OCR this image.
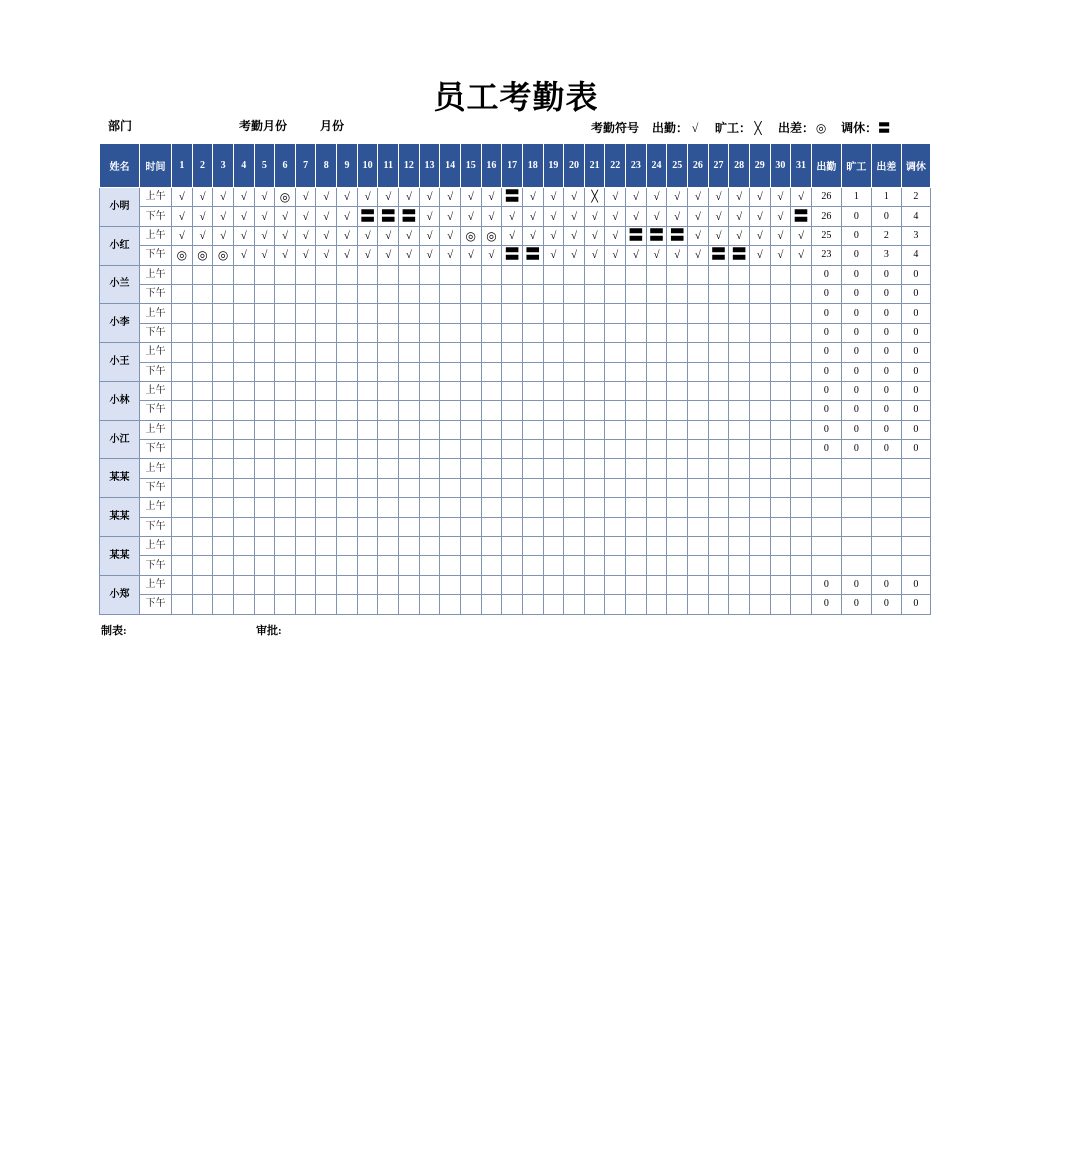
员工考勤表
部门	考勤月份	月份	考勤符号 出勤： √ 旷工： ╳ 出差： ◎ 调休：〓
姓名	时间	1	2	3	4	5	6	7	8	9	10	11	12	13	14	15	16	17	18	19	20	21	22	23	24	25	26	27	28	29	30	31	出勤	旷工	出差	调休
小明	上午	√	√	√	√	√	◎	√	√	√	√	√	√	√	√	√	√	〓	√	√	√	╳	√	√	√	√	√	√	√	√	√	√	26	1	1	2
	下午	√	√	√	√	√	√	√	√	√	〓	〓	〓	√	√	√	√	√	√	√	√	√	√	√	√	√	√	√	√	√	√	〓	26	0	0	4
小红	上午	√	√	√	√	√	√	√	√	√	√	√	√	√	√	◎	◎	√	√	√	√	√	√	〓	〓	〓	√	√	√	√	√	√	25	0	2	3
	下午	◎	◎	◎	√	√	√	√	√	√	√	√	√	√	√	√	√	〓	〓	√	√	√	√	√	√	√	√	〓	〓	√	√	√	23	0	3	4
小兰	上午																																0	0	0	0
	下午																																0	0	0	0
小李	上午																																0	0	0	0
	下午																																0	0	0	0
小王	上午																																0	0	0	0
	下午																																0	0	0	0
小林	上午																																0	0	0	0
	下午																																0	0	0	0
小江	上午																																0	0	0	0
	下午																																0	0	0	0
某某	上午																																			
	下午																																			
某某	上午																																			
	下午																																			
某某	上午																																			
	下午																																			
小郑	上午																																0	0	0	0
	下午																																0	0	0	0
制表:	审批:
